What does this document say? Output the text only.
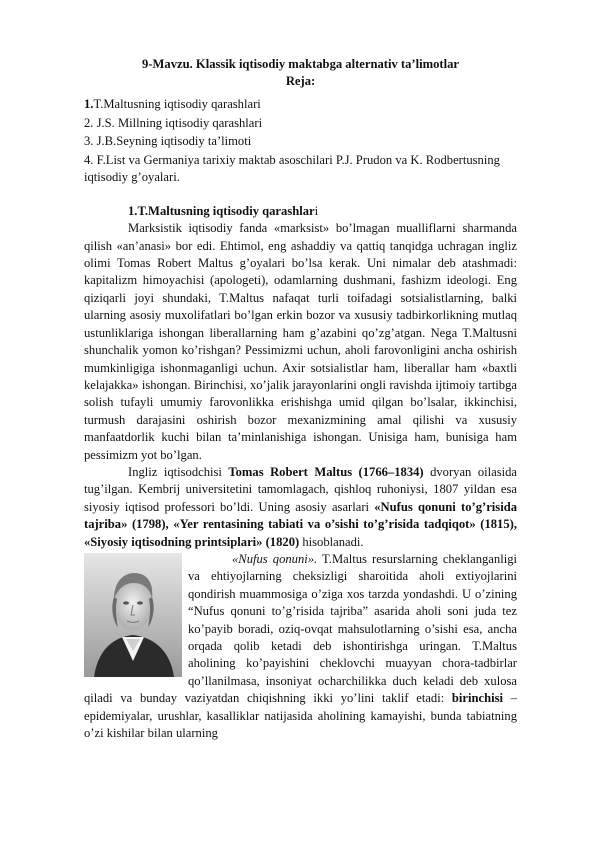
9-Mavzu. Klassik iqtisodiy maktabga alternativ ta’limotlar

Reja:

1.T.Maltusning iqtisodiy qarashlari

2. J.S. Millning iqtisodiy qarashlari

3. J.B.Seyning iqtisodiy ta’limoti

4. F.List va Germaniya tarixiy maktab asoschilari P.J. Prudon va K. Rodbertusning iqtisodiy g’oyalari.

1.T.Maltusning iqtisodiy qarashlari

Marksistik iqtisodiy fanda «marksist» bo’lmagan mualliflarni sharmanda qilish «an’anasi» bor edi. Ehtimol, eng ashaddiy va qattiq tanqidga uchragan ingliz olimi Tomas Robert Maltus g’oyalari bo’lsa kerak. Uni nimalar deb atashmadi: kapitalizm himoyachisi (apologeti), odamlarning dushmani, fashizm ideologi. Eng qiziqarli joyi shundaki, T.Maltus nafaqat turli toifadagi sotsialistlarning, balki ularning asosiy muxolifatlari bo’lgan erkin bozor va xususiy tadbirkorlikning mutlaq ustunliklariga ishongan liberallarning ham g’azabini qo’zg’atgan. Nega T.Maltusni shunchalik yomon ko’rishgan? Pessimizmi uchun, aholi farovonligini ancha oshirish mumkinligiga ishonmaganligi uchun. Axir sotsialistlar ham, liberallar ham «baxtli kelajakka» ishongan. Birinchisi, xo’jalik jarayonlarini ongli ravishda ijtimoiy tartibga solish tufayli umumiy farovonlikka erishishga umid qilgan bo’lsalar, ikkinchisi, turmush darajasini oshirish bozor mexanizmining amal qilishi va xususiy manfaatdorlik kuchi bilan ta’minlanishiga ishongan. Unisiga ham, bunisiga ham pessimizm yot bo’lgan.

Ingliz iqtisodchisi Tomas Robert Maltus (1766–1834) dvoryan oilasida tug’ilgan. Kembrij universitetini tamomlagach, qishloq ruhoniysi, 1807 yildan esa siyosiy iqtisod professori bo’ldi. Uning asosiy asarlari «Nufus qonuni to’g’risida tajriba» (1798), «Yer rentasining tabiati va o’sishi to’g’risida tadqiqot» (1815), «Siyosiy iqtisodning printsiplari» (1820) hisoblanadi.

«Nufus qonuni».
T.Maltus resurslarning cheklanganligi va ehtiyojlarning cheksizligi sharoitida aholi extiyojlarini qondirish muammosiga o’ziga xos tarzda yondashdi. U o’zining “Nufus qonuni to’g’risida tajriba” asarida aholi soni juda tez ko’payib boradi, oziq-ovqat mahsulotlarning o’sishi esa, ancha orqada qolib ketadi deb ishontirishga uringan. T.Maltus aholining ko’payishini cheklovchi muayyan chora-tadbirlar qo’llanilmasa, insoniyat ocharchilikka duch keladi deb xulosa qiladi va bunday vaziyatdan chiqishning ikki yo’lini taklif etadi: birinchisi – epidemiyalar, urushlar, kasalliklar natijasida aholining kamayishi, bunda tabiatning o’zi kishilar bilan ularning
